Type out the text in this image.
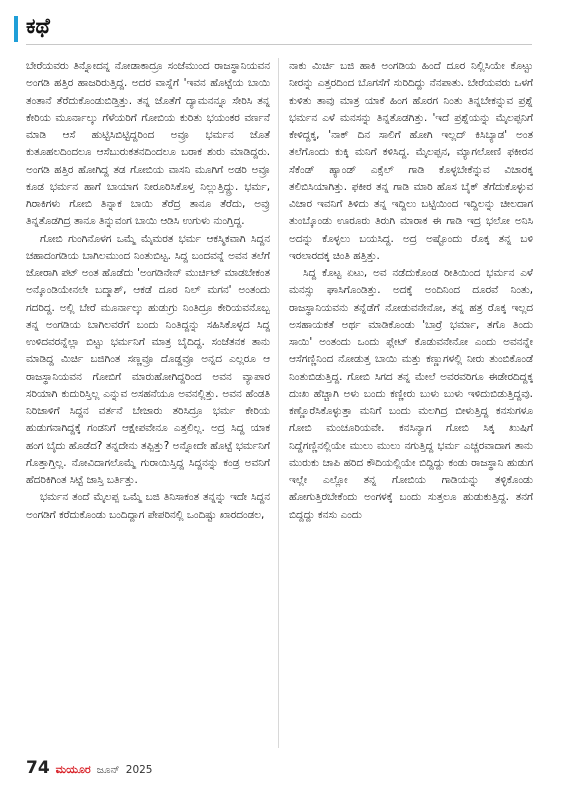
ಕಥೆ

ಬೇರೆಯವರು ತಿನ್ನೋದನ್ನ ನೋಡಾಕಾದ್ರೂ ಸಂಜೆಮುಂದ ರಾಜಸ್ಥಾನಿಯವನ ಅಂಗಡಿ ಹತ್ತಿರ ಹಾಜರಿರುತ್ತಿದ್ದ. ಅದರ ವಾಸ್ನೆಗೆ 'ಇವನ ಹೊಟ್ಟೆಯ ಬಾಯಿ ತಂತಾನೆ ತೆರೆದುಕೊಂಡುಬಿಡ್ತಿತ್ತು. ತನ್ನ ಜೊತೆಗೆ ದ್ಯಾಮನನ್ನೂ ಸೇರಿಸಿ ತನ್ನ ಕೇರಿಯ ಮೂರ್ನಾಲ್ಕು ಗೆಳೆಯರಿಗೆ ಗೋಬಿಯ ಕುರಿತು ಭಯಂಕರ ವರ್ಣನೆ ಮಾಡಿ ಆಸೆ ಹುಟ್ಟಿಸಿಬಿಟ್ಟಿದ್ದರಿಂದ ಅವ್ರೂ ಭರ್ಮನ ಜೊತೆ ಕುತೂಹಲದಿಂದಲೂ ಆಸೆಬುರುಕತನದಿಂದಲೂ ಬರಾಕ ಶುರು ಮಾಡಿದ್ದರು. ಅಂಗಡಿ ಹತ್ತಿರ ಹೋಗಿದ್ದ ತಡ ಗೋಬಿಯ ವಾಸನಿ ಮೂಗಿಗೆ ಅಡರಿ ಅವ್ರೂ ಕೂಡ ಭರ್ಮನ ಹಾಗೆ ಬಾಯಾಗ ನೀರೂರಿಸಿಕೊಳ್ತ ನಿಲ್ಲುತ್ತಿದ್ದ್ರು. ಭರ್ಮ, ಗಿರಾಕಿಗಳು ಗೋಬಿ ತಿನ್ನಾಕ ಬಾಯಿ ತೆರೆದ್ರ ತಾನೂ ತೆರೆದು, ಅವ್ರು ತಿನ್ನತೊಡಗಿದ್ರ ತಾನೂ ತಿನ್ನುವಂಗ ಬಾಯಿ ಆಡಿಸಿ ಉಗುಳು ನುಂಗ್ತಿದ್ದ.

ಗೋಬಿ ಗುಂಗಿನೊಳಗ ಒಮ್ಮೆ ಮೈಮರತ ಭರ್ಮ ಆಕಸ್ಮಿಕವಾಗಿ ಸಿದ್ದನ ಚಹಾದಂಗಡಿಯ ಬಾಗಿಲಮುಂದ ನಿಂತುಬಿಟ್ಟ. ಸಿದ್ದ ಬಂದವನ್ನೆ ಅವನ ತಲೆಗೆ ಜೋರಾಗಿ ಪಟ್ ಅಂತ ಹೊಡೆದು 'ಅಂಗಡಿನೇನ್ ಮುರ್ಚಿಟ್ ಮಾಡಬೇಕಂತ ಅನ್ಕೊಂಡಿಯೇನಲೇ ಬದ್ಮಾಶ್, ಆಕಡೆ ದೂರ ನಿಲ್ ಮಗನ' ಅಂತಂದು ಗದರಿದ್ದ. ಅಲ್ಲಿ ಬೇರೆ ಮೂರ್ನಾಲ್ಕು ಹುಡುಗ್ರು ನಿಂತಿದ್ರೂ ಕೇರಿಯವನೊಬ್ಬ ತನ್ನ ಅಂಗಡಿಯ ಬಾಗಿಲವರೆಗೆ ಬಂದು ನಿಂತಿದ್ದನ್ನು ಸಹಿಸಿಕೊಳ್ಳದ ಸಿದ್ದ ಉಳಿದವರನ್ನೆಲ್ಲಾ ಬಿಟ್ಟು ಭರ್ಮನಿಗೆ ಮಾತ್ರ ಬೈದಿದ್ದ. ಸಂಜೆತನಕ ತಾನು ಮಾಡಿದ್ದ ಮಿರ್ಚಿ ಬಜಿಗಿಂತ ಸಣ್ಣವ್ರೂ ದೊಡ್ಡವ್ರೂ ಅನ್ನದ ಎಲ್ಲರೂ ಆ ರಾಜಸ್ಥಾನಿಯವನ ಗೋಬಿಗೆ ಮಾರುಹೋಗಿದ್ದರಿಂದ ಅವನ ವ್ಯಾಪಾರ ಸರಿಯಾಗಿ ಕುದುರಿಸ್ತಿಲ್ಲ ಎನ್ನುವ ಅಸಹನೆಯೂ ಅವನಲ್ಲಿತ್ತು. ಅವನ ಹೆಂಡತಿ ನಿರಿಜಾಳಿಗೆ ಸಿದ್ದನ ವರ್ತನೆ ಬೇಜಾರು ತರಿಸಿದ್ರೂ ಭರ್ಮ ಕೇರಿಯ ಹುಡುಗನಾಗಿದ್ದಕ್ಕೆ ಗಂಡನಿಗೆ ಆಕ್ಷೇಪವೇನೂ ಎತ್ತಲಿಲ್ಲ. ಅದ್ರ ಸಿದ್ದ ಯಾಕ ಹಂಗ ಬೈದು ಹೊಡೆದ? ತನ್ನದೇನು ತಪ್ಪಿತ್ತು? ಅನ್ನೋದೇ ಹೊಟ್ಟೆ ಭರ್ಮನಿಗೆ ಗೊತ್ತಾಗ್ತಿಲ್ಲ. ನೋವಿದಾಗಲೊಮ್ಮೆ ಗುರಾಯಿಸ್ತಿದ್ದ ಸಿದ್ದನನ್ನು ಕಂಡ್ರ ಅವನಿಗೆ ಹೆದರಿಕಿಗಿಂತ ಸಿಟ್ಟೆ ಜಾಸ್ತಿ ಬರ್ತಿತ್ತು.

ಭರ್ಮನ ತಂದೆ ಮೈಲಪ್ಪ ಒಮ್ಮೆ ಬಜಿ ತಿನಿಸಾಕಂತ ತನ್ನನ್ನು ಇದೇ ಸಿದ್ದನ ಅಂಗಡಿಗೆ ಕರೆದುಕೊಂಡು ಬಂದಿದ್ದಾಗ ಪೇಪರಿನಲ್ಲಿ ಒಂದಿಷ್ಟು ಖಾರದಂಡಲ,

ನಾಕು ಮಿರ್ಚಿ ಬಜಿ ಹಾಕಿ ಅಂಗಡಿಯ ಹಿಂದೆ ದೂರ ನಿಲ್ಲಿಸಿಯೇ ಕೊಟ್ಟು ನೀರನ್ನು ಎತ್ತರದಿಂದ ಬೊಗಸೆಗೆ ಸುರಿದಿದ್ದು ನೆನಪಾತು. ಬೇರೆಯವರು ಒಳಗೆ ಕುಳಿತು ತಾವು ಮಾತ್ರ ಯಾಕೆ ಹಿಂಗ ಹೊರಗ ನಿಂತು ತಿನ್ನಬೇಕನ್ನುವ ಪ್ರಶ್ನೆ ಭರ್ಮನ ಎಳೆ ಮನಸನ್ನು ತಿನ್ನತೊಡಗಿತ್ತು. 'ಇದೆ ಪ್ರಶ್ನೆಯನ್ನು ಮೈಲಪ್ಪನಿಗೆ ಕೇಳಿದ್ದಕ್ಕ, 'ನಾಕ್ ದಿನ ಸಾಲಿಗೆ ಹೋಗಿ ಇಲ್ಲದ್ ಕಿಸಿಬ್ಯಾಡ' ಅಂತ ತಲೆಗೊಂದು ಕುಕ್ಕಿ ಮನಿಗೆ ಕಳಿಸಿದ್ದ. ಮೈಲಪ್ಪನ, ಮ್ಯಾಗಲೋಣಿ ಫಕೀರನ ಸೆಕೆಂಡ್ ಹ್ಯಾಂಡ್ ಎಕ್ಸೆಲ್ ಗಾಡಿ ಕೊಳ್ಳಬೇಕೆನ್ನುವ ವಿಚಾರಕ್ಕ ತಲಿಬಿಸಿಯಾಗಿತ್ತು. ಫಕೀರ ತನ್ನ ಗಾಡಿ ಮಾರಿ ಹೊಸ ಬೈಕ್ ತೆಗೆದುಕೊಳ್ಳುವ ವಿಚಾರ ಇವನಿಗೆ ತಿಳಿದು ತನ್ನ ಇದ್ದಿಲು ಬಟ್ಟಿಯಿಂದ ಇದ್ದಿಲನ್ನು ಚೀಲದಾಗ ತುಂಬ್ಕೊಂಡು ಊರೂರು ತಿರುಗಿ ಮಾರಾಕ ಈ ಗಾಡಿ ಇದ್ರ ಭಲೋ ಅನಿಸಿ ಅದನ್ನು ಕೊಳ್ಳಲು ಬಯಸಿದ್ದ. ಅದ್ರ ಅಷ್ಟೊಂದು ರೊಕ್ಕ ತನ್ನ ಬಳಿ ಇರಲಾರದಕ್ಕ ಚಿಂತಿ ಹತ್ತಿತ್ತು.

ಸಿದ್ದ ಕೊಟ್ಟ ಏಟು, ಅವ ನಡೆದುಕೊಂಡ ರೀತಿಯಿಂದ ಭರ್ಮನ ಎಳೆ ಮನಸ್ಸು ಘಾಸಿಗೊಂಡಿತ್ತು. ಅದಕ್ಕೆ ಅಂದಿನಿಂದ ದೂರವೆ ನಿಂತು, ರಾಜಸ್ಥಾನಿಯವನು ತನ್ನೆಡೆಗೆ ನೋಡುವನೇನೋ, ತನ್ನ ಹತ್ರ ರೊಕ್ಕ ಇಲ್ಲದ ಅಸಹಾಯಕತೆ ಅರ್ಥ ಮಾಡಿಕೊಂಡು 'ಬಾರ್‍ರೆ ಭರ್ಮಾ, ತಗೊ ತಿಂದು ಸಾಯಿ' ಅಂತಂದು ಒಂದು ಪ್ಲೇಟ್ ಕೊಡುವನೇನೋ ಎಂದು ಅವನನ್ನೇ ಆಸೆಗಣ್ಣಿನಿಂದ ನೋಡುತ್ತ ಬಾಯಿ ಮತ್ತು ಕಣ್ಣುಗಳಲ್ಲಿ ನೀರು ತುಂಬಿಕೊಂಡೆ ನಿಂತುಬಿಡುತ್ತಿದ್ದ. ಗೋಬಿ ಸಿಗದ ತನ್ನ ಮೇಲೆ ಅವರವರಿಗೂ ಈಡೇರದಿದ್ದಕ್ಕ ದುಃಖ ಹೆಚ್ಚಾಗಿ ಅಳು ಬಂದು ಕಣ್ಣೀರು ಬುಳು ಬುಳು ಇಳಿದುಬಿಡುತ್ತಿದ್ದವು. ಕಣ್ಣೊರೆಸಿಕೊಳ್ಳುತ್ತಾ ಮನಿಗೆ ಬಂದು ಮಲಗಿದ್ರ ಬೀಳುತ್ತಿದ್ದ ಕನಸುಗಳೂ ಗೋಬಿ ಮಂಚೂರಿಯವೇ. ಕನಸಿನ್ಯಾಗ ಗೋಬಿ ಸಿಕ್ಕ ಖುಷಿಗೆ ನಿದ್ದೆಗಣ್ಣಿನಲ್ಲಿಯೇ ಮುಲು ಮುಲು ನಗುತ್ತಿದ್ದ ಭರ್ಮ ಎಚ್ಚರವಾದಾಗ ತಾನು ಮುರುಕು ಚಾಪಿ ಹರಿದ ಕೌದಿಯಲ್ಲಿಯೇ ಬಿದ್ದಿದ್ದು ಕಂಡು ರಾಜಸ್ಥಾನಿ ಹುಡುಗ ಇಲ್ಲೇ ಎಲ್ಲೋ ತನ್ನ ಗೋಬಿಯ ಗಾಡಿಯನ್ನು ತಳ್ಳಿಕೊಂಡು ಹೋಗುತ್ತಿರಬೇಕೆಂದು ಅಂಗಳಕ್ಕೆ ಬಂದು ಸುತ್ತಲೂ ಹುಡುಕುತ್ತಿದ್ದ. ತನಗೆ ಬಿದ್ದದ್ದು ಕನಸು ಎಂದು

74 ಮಯೂರ ಜೂನ್ 2025
